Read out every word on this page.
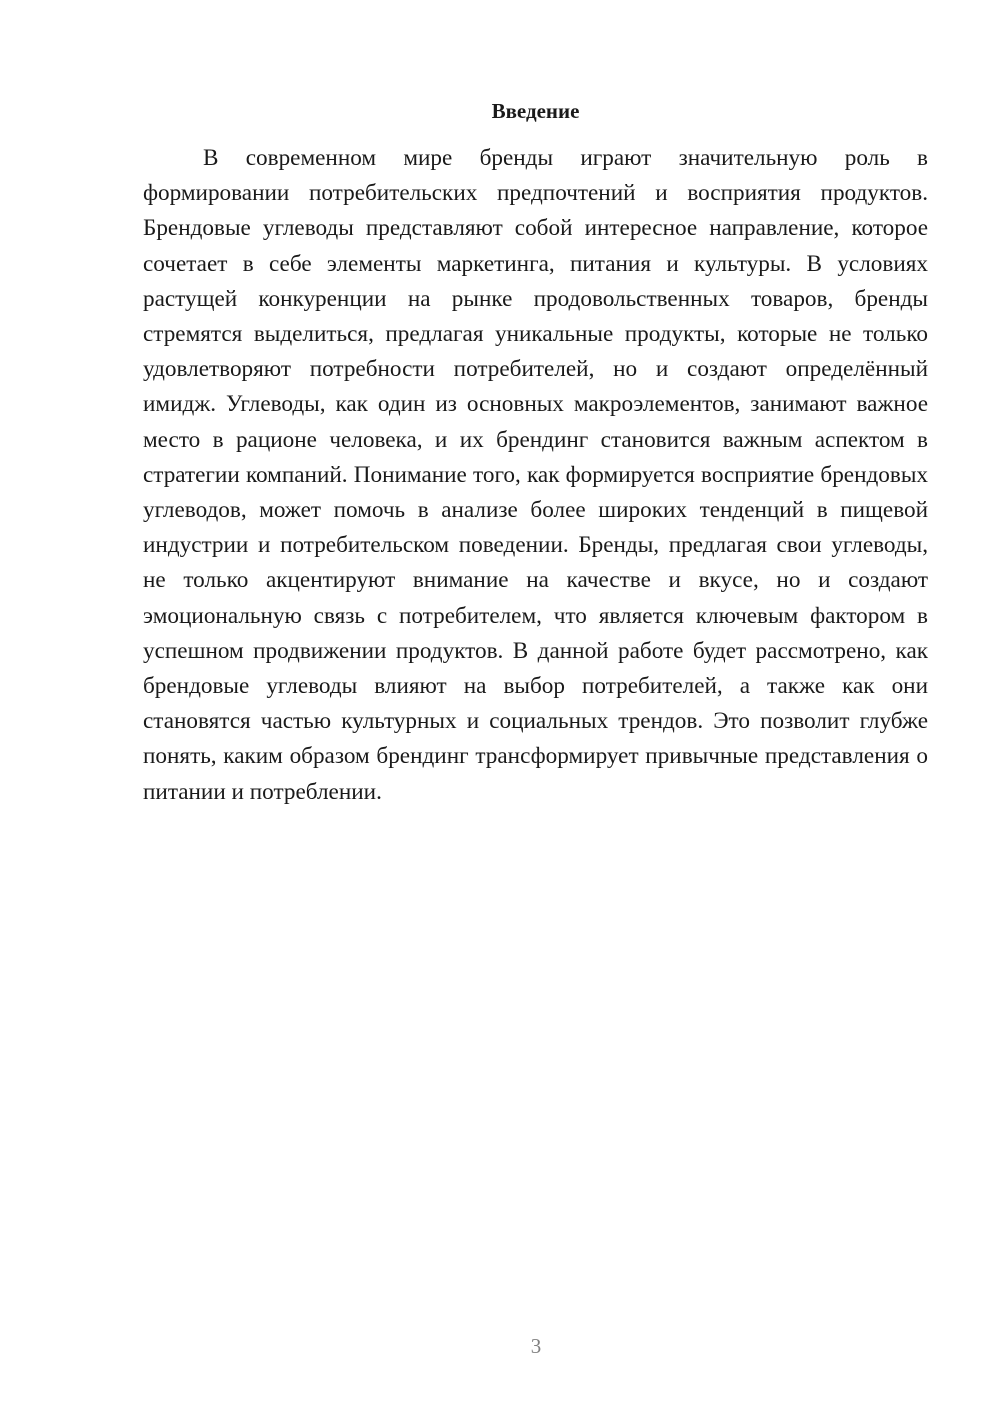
Введение

В современном мире бренды играют значительную роль в формировании потребительских предпочтений и восприятия продуктов. Брендовые углеводы представляют собой интересное направление, которое сочетает в себе элементы маркетинга, питания и культуры. В условиях растущей конкуренции на рынке продовольственных товаров, бренды стремятся выделиться, предлагая уникальные продукты, которые не только удовлетворяют потребности потребителей, но и создают определённый имидж. Углеводы, как один из основных макроэлементов, занимают важное место в рационе человека, и их брендинг становится важным аспектом в стратегии компаний. Понимание того, как формируется восприятие брендовых углеводов, может помочь в анализе более широких тенденций в пищевой индустрии и потребительском поведении. Бренды, предлагая свои углеводы, не только акцентируют внимание на качестве и вкусе, но и создают эмоциональную связь с потребителем, что является ключевым фактором в успешном продвижении продуктов. В данной работе будет рассмотрено, как брендовые углеводы влияют на выбор потребителей, а также как они становятся частью культурных и социальных трендов. Это позволит глубже понять, каким образом брендинг трансформирует привычные представления о питании и потреблении.

3
